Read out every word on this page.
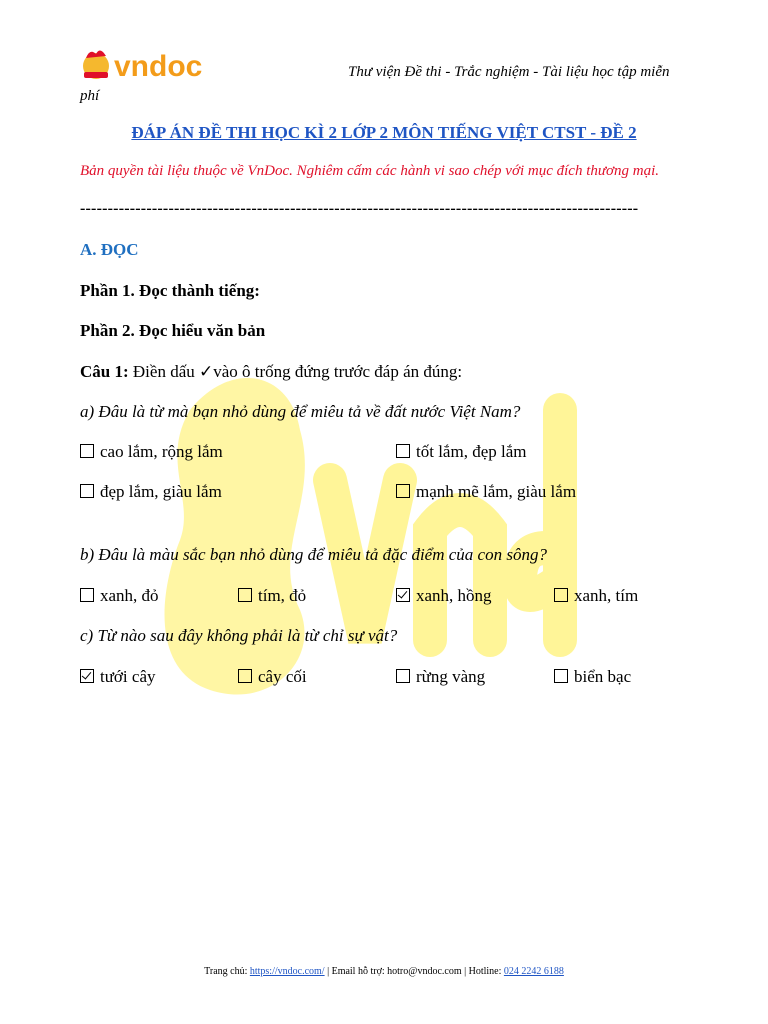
vndoc	Thư viện Đề thi - Trắc nghiệm - Tài liệu học tập miễn
phí
ĐÁP ÁN ĐỀ THI HỌC KÌ 2 LỚP 2 MÔN TIẾNG VIỆT CTST - ĐỀ 2
Bản quyền tài liệu thuộc về VnDoc. Nghiêm cấm các hành vi sao chép với mục đích thương mại.
-----------------------------------------------------------------------------------------------------
A. ĐỌC
Phần 1. Đọc thành tiếng:
Phần 2. Đọc hiểu văn bản
Câu 1: Điền dấu ✓vào ô trống đứng trước đáp án đúng:
a) Đâu là từ mà bạn nhỏ dùng để miêu tả về đất nước Việt Nam?
cao lắm, rộng lắm	tốt lắm, đẹp lắm
đẹp lắm, giàu lắm	mạnh mẽ lắm, giàu lắm
b) Đâu là màu sắc bạn nhỏ dùng để miêu tả đặc điểm của con sông?
xanh, đỏ	tím, đỏ	xanh, hồng	xanh, tím
c) Từ nào sau đây không phải là từ chỉ sự vật?
tưới cây	cây cối	rừng vàng	biển bạc
Trang chủ: https://vndoc.com/ | Email hỗ trợ: hotro@vndoc.com | Hotline: 024 2242 6188
